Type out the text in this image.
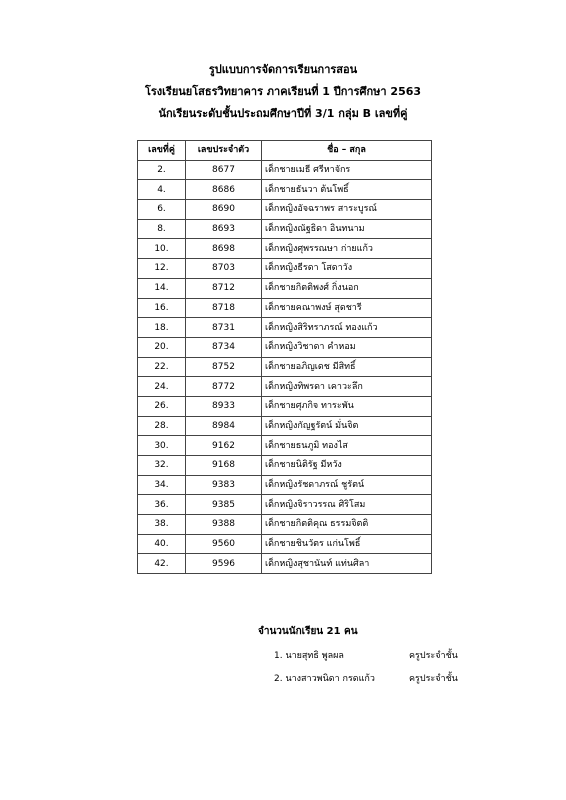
รูปแบบการจัดการเรียนการสอน
โรงเรียนยโสธรวิทยาคาร ภาคเรียนที่ 1 ปีการศึกษา 2563
นักเรียนระดับชั้นประถมศึกษาปีที่ 3/1 กลุ่ม B เลขที่คู่
เลขที่คู่	เลขประจำตัว	ชื่อ – สกุล
2.	8677	เด็กชายเมธี ศรีหาจักร
4.	8686	เด็กชายธันวา ต้นโพธิ์
6.	8690	เด็กหญิงอัจฉราพร สาระบูรณ์
8.	8693	เด็กหญิงณัฐธิดา อินทนาม
10.	8698	เด็กหญิงศุพรรณษา ก่ายแก้ว
12.	8703	เด็กหญิงธีรดา โสดาวัง
14.	8712	เด็กชายกิตติพงศ์ กิ่งนอก
16.	8718	เด็กชายคณาพงษ์ สุดชารี
18.	8731	เด็กหญิงสิริทราภรณ์ ทองแก้ว
20.	8734	เด็กหญิงวิชาดา คำหอม
22.	8752	เด็กชายอภิญเดช มีสิทธิ์
24.	8772	เด็กหญิงทิพรดา เคาวะลึก
26.	8933	เด็กชายศุภกิจ ทาระพัน
28.	8984	เด็กหญิงกัญฐรัตน์ มั่นจิต
30.	9162	เด็กชายธนภูมิ ทองไส
32.	9168	เด็กชายนิติรัฐ มีหวัง
34.	9383	เด็กหญิงรัชดาภรณ์ ชูรัตน์
36.	9385	เด็กหญิงจิราวรรณ ศิริโสม
38.	9388	เด็กชายกิตติคุณ ธรรมจิตติ
40.	9560	เด็กชายชินวัตร แก่นโพธิ์
42.	9596	เด็กหญิงสุชานันท์ แท่นศิลา
จำนวนนักเรียน 21 คน
1. นายสุทธิ พูลผล	ครูประจำชั้น
2. นางสาวพนิดา กรดแก้ว	ครูประจำชั้น
